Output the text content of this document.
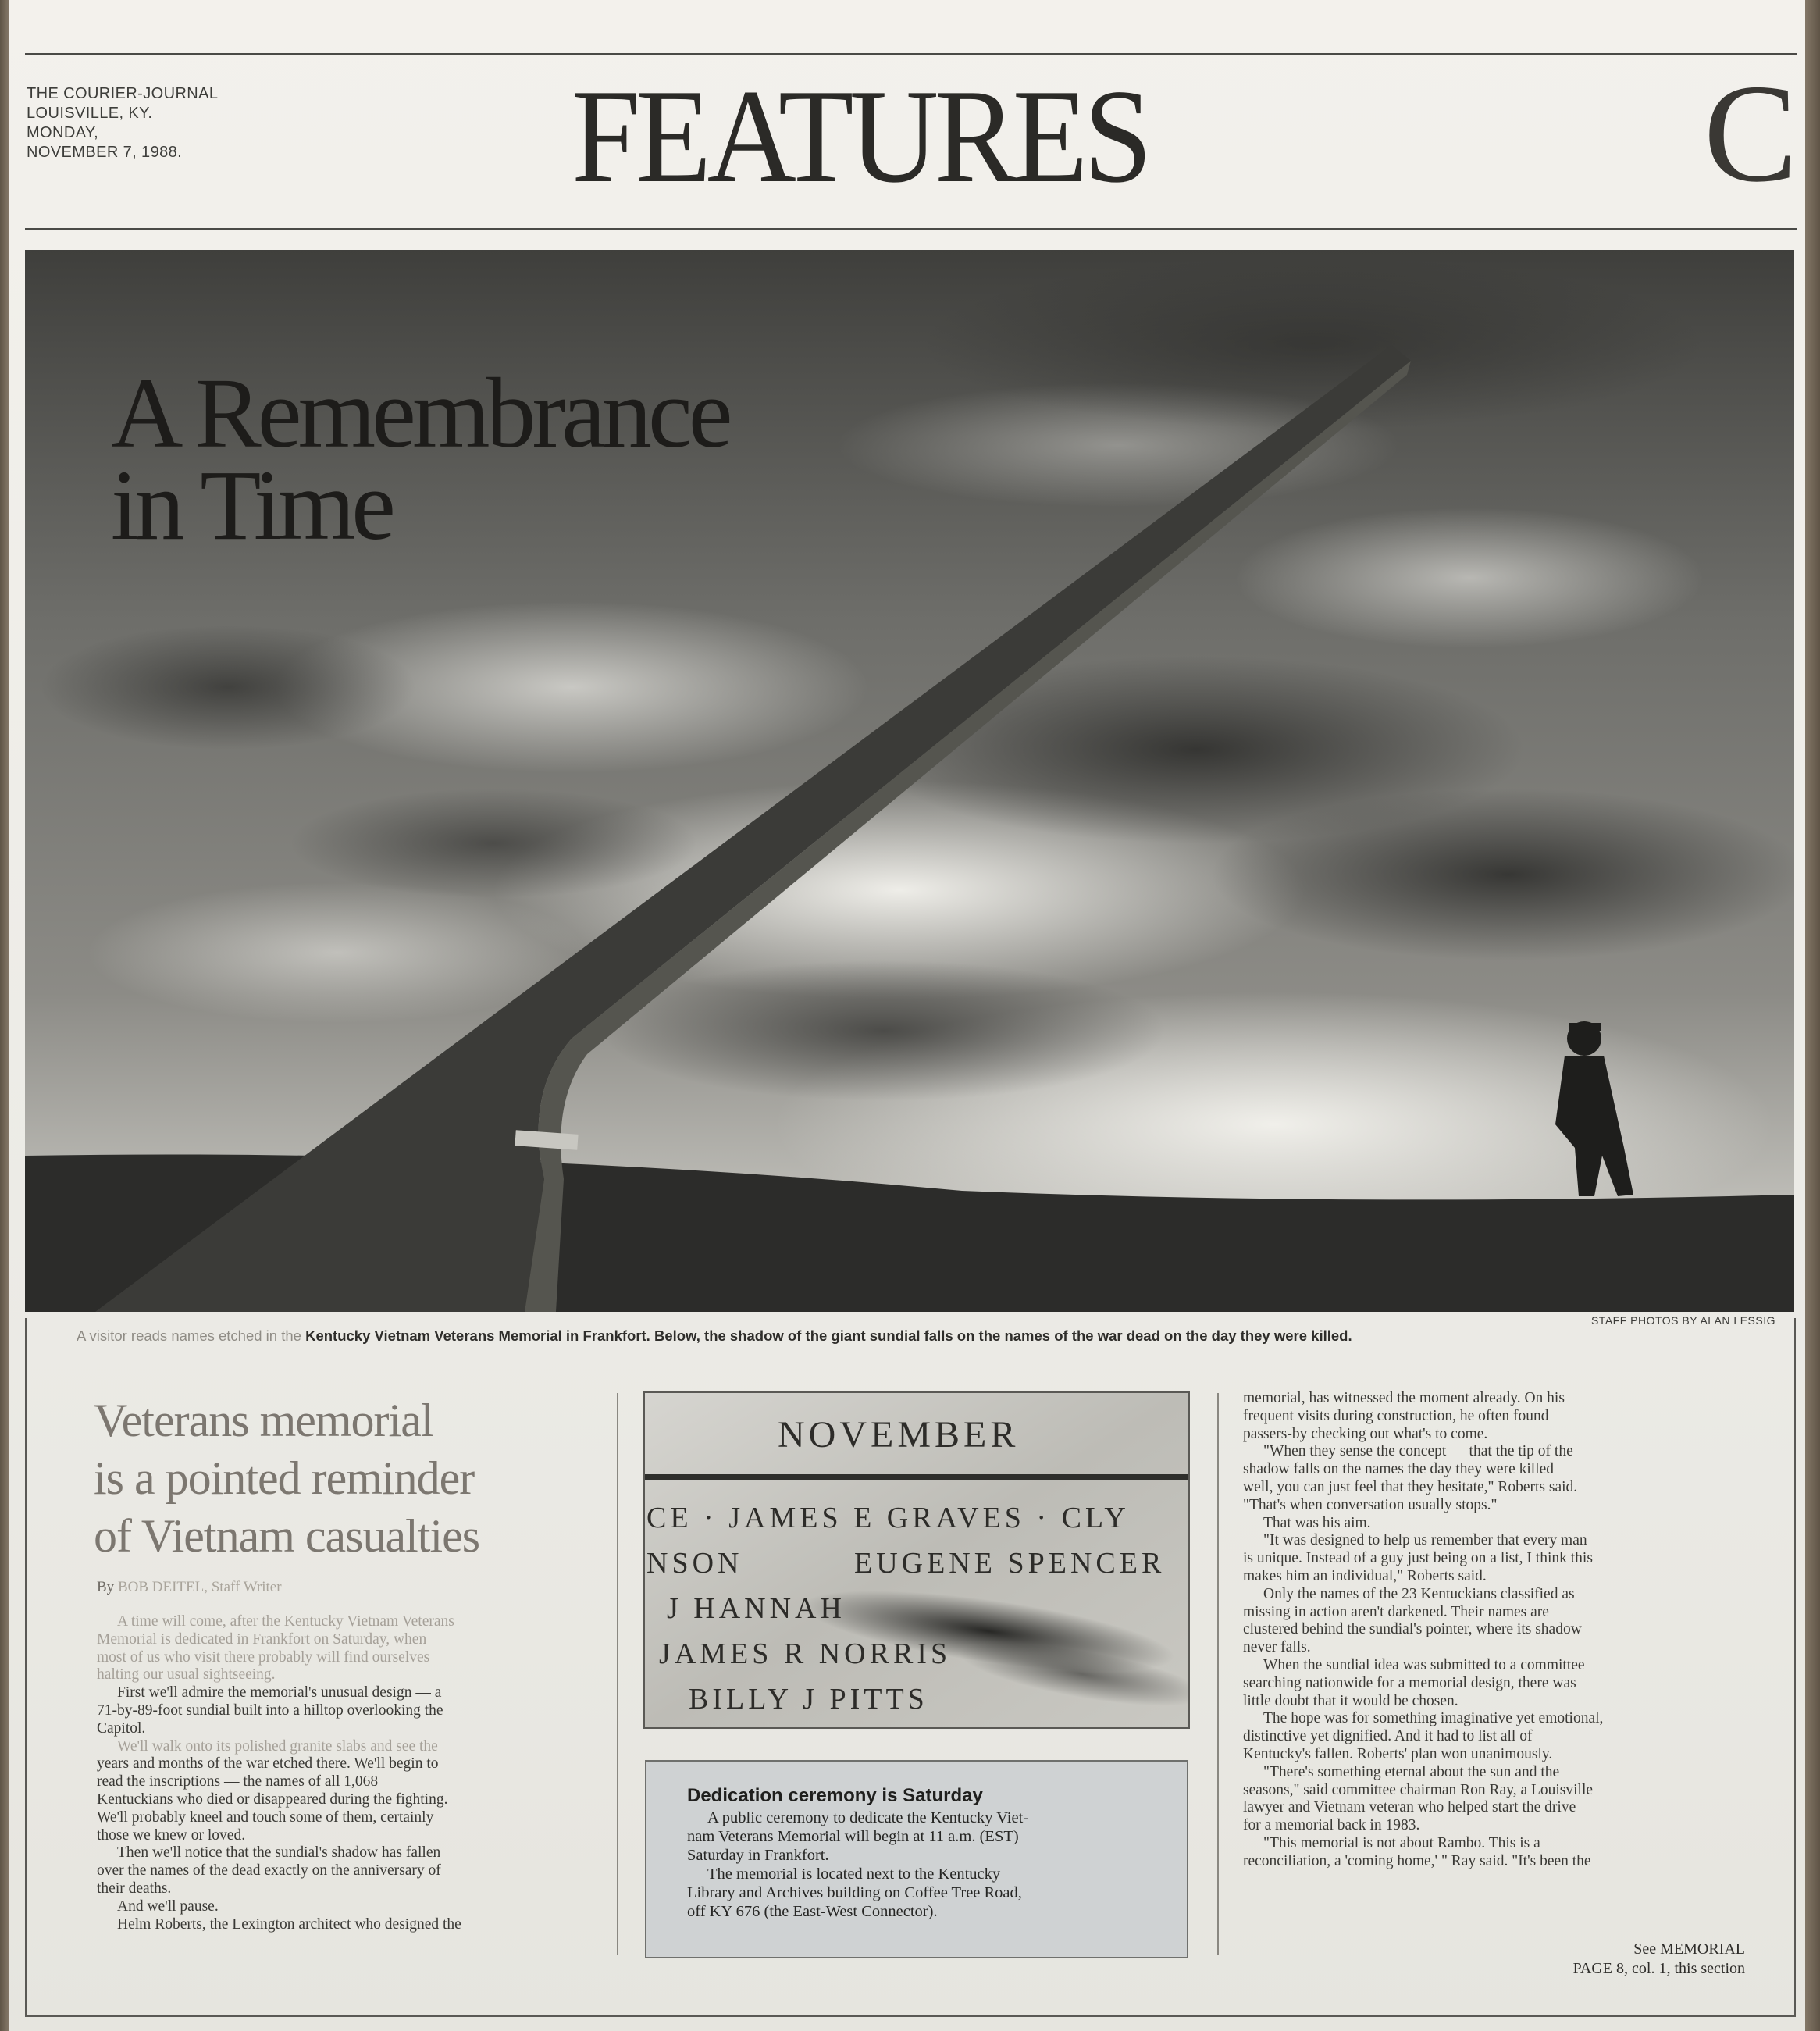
THE COURIER-JOURNAL
LOUISVILLE, KY.
MONDAY,
NOVEMBER 7, 1988.	FEATURES	C
A Remembrance
in Time
STAFF PHOTOS BY ALAN LESSIG
A visitor reads names etched in the Kentucky Vietnam Veterans Memorial in Frankfort. Below, the shadow of the giant sundial falls on the names of the war dead on the day they were killed.
Veterans memorial
is a pointed reminder
of Vietnam casualties
By BOB DEITEL, Staff Writer

A time will come, after the Kentucky Vietnam Veterans

Memorial is dedicated in Frankfort on Saturday, when

most of us who visit there probably will find ourselves

halting our usual sightseeing.

First we'll admire the memorial's unusual design — a

71-by-89-foot sundial built into a hilltop overlooking the

Capitol.

We'll walk onto its polished granite slabs and see the

years and months of the war etched there. We'll begin to

read the inscriptions — the names of all 1,068

Kentuckians who died or disappeared during the fighting.

We'll probably kneel and touch some of them, certainly

those we knew or loved.

Then we'll notice that the sundial's shadow has fallen

over the names of the dead exactly on the anniversary of

their deaths.

And we'll pause.

Helm Roberts, the Lexington architect who designed the

NOVEMBER
CE · JAMES E GRAVES · CLY
NSON	EUGENE SPENCER
J HANNAH
JAMES R NORRIS
BILLY J PITTS
Dedication ceremony is Saturday

A public ceremony to dedicate the Kentucky Viet-

nam Veterans Memorial will begin at 11 a.m. (EST)

Saturday in Frankfort.

The memorial is located next to the Kentucky

Library and Archives building on Coffee Tree Road,

off KY 676 (the East-West Connector).

memorial, has witnessed the moment already. On his

frequent visits during construction, he often found

passers-by checking out what's to come.

"When they sense the concept — that the tip of the

shadow falls on the names the day they were killed —

well, you can just feel that they hesitate," Roberts said.

"That's when conversation usually stops."

That was his aim.

"It was designed to help us remember that every man

is unique. Instead of a guy just being on a list, I think this

makes him an individual," Roberts said.

Only the names of the 23 Kentuckians classified as

missing in action aren't darkened. Their names are

clustered behind the sundial's pointer, where its shadow

never falls.

When the sundial idea was submitted to a committee

searching nationwide for a memorial design, there was

little doubt that it would be chosen.

The hope was for something imaginative yet emotional,

distinctive yet dignified. And it had to list all of

Kentucky's fallen. Roberts' plan won unanimously.

"There's something eternal about the sun and the

seasons," said committee chairman Ron Ray, a Louisville

lawyer and Vietnam veteran who helped start the drive

for a memorial back in 1983.

"This memorial is not about Rambo. This is a

reconciliation, a 'coming home,' " Ray said. "It's been the

See MEMORIAL
PAGE 8, col. 1, this section
